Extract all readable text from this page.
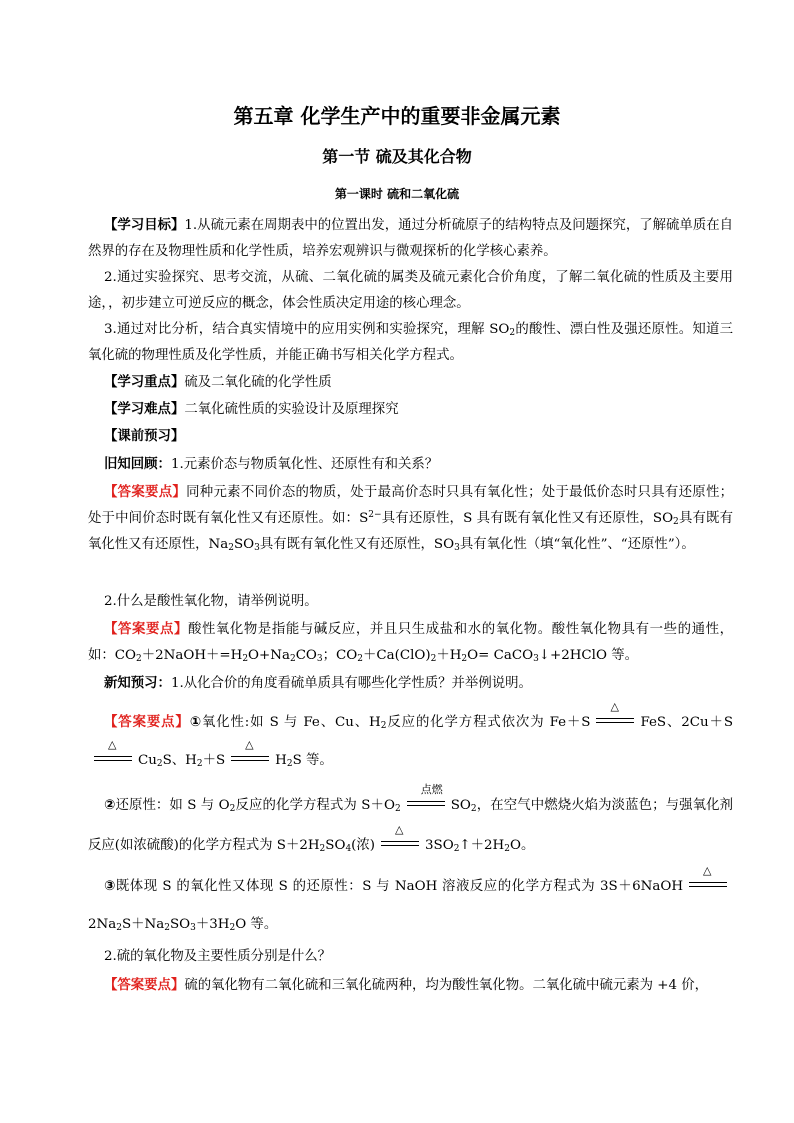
第五章 化学生产中的重要非金属元素
第一节 硫及其化合物
第一课时 硫和二氧化硫
【学习目标】1.从硫元素在周期表中的位置出发，通过分析硫原子的结构特点及问题探究，了解硫单质在自然界的存在及物理性质和化学性质，培养宏观辨识与微观探析的化学核心素养。
2.通过实验探究、思考交流，从硫、二氧化硫的属类及硫元素化合价角度，了解二氧化硫的性质及主要用途，，初步建立可逆反应的概念，体会性质决定用途的核心理念。
3.通过对比分析，结合真实情境中的应用实例和实验探究，理解 $SO_2$的酸性、漂白性及强还原性。知道三氧化硫的物理性质及化学性质，并能正确书写相关化学方程式。
【学习重点】硫及二氧化硫的化学性质
【学习难点】二氧化硫性质的实验设计及原理探究
【课前预习】
旧知回顾：1.元素价态与物质氧化性、还原性有和关系？
【答案要点】同种元素不同价态的物质，处于最高价态时只具有氧化性；处于最低价态时只具有还原性；处于中间价态时既有氧化性又有还原性。如：$S^{2-}$具有还原性，S 具有既有氧化性又有还原性，$SO_2$具有既有氧化性又有还原性，$Na_2SO_3$具有既有氧化性又有还原性，$SO_3$具有氧化性（填“氧化性”、“还原性”）。
2.什么是酸性氧化物，请举例说明。
【答案要点】酸性氧化物是指能与碱反应，并且只生成盐和水的氧化物。酸性氧化物具有一些的通性，如：$CO_2+2NaOH+=H_2O+Na_2CO_3$；$CO_2+Ca(ClO)_2+H_2O=$ CaCO$_3$↓+2HClO 等。
新知预习：1.从化合价的角度看硫单质具有哪些化学性质？并举例说明。
【答案要点】①氧化性:如 S 与 Fe、Cu、$H_2$反应的化学方程式依次为 Fe＋S
△
FeS、2Cu＋S
△
$Cu_2S$、$H_2+S$
△
$H_2S$ 等。
②还原性：如 S 与 $O_2$反应的化学方程式为 $S+O_2$
点燃
$SO_2$，在空气中燃烧火焰为淡蓝色；与强氧化剂反应(如浓硫酸)的化学方程式为 $S+2H_2SO_4$(浓)
△
$3SO_2↑+2H_2O$。
③既体现 S 的氧化性又体现 S 的还原性：S 与 NaOH 溶液反应的化学方程式为 3S＋6NaOH
△
$2Na_2S+Na_2SO_3+3H_2O$ 等。
2.硫的氧化物及主要性质分别是什么？
【答案要点】硫的氧化物有二氧化硫和三氧化硫两种，均为酸性氧化物。二氧化硫中硫元素为 +4 价，
